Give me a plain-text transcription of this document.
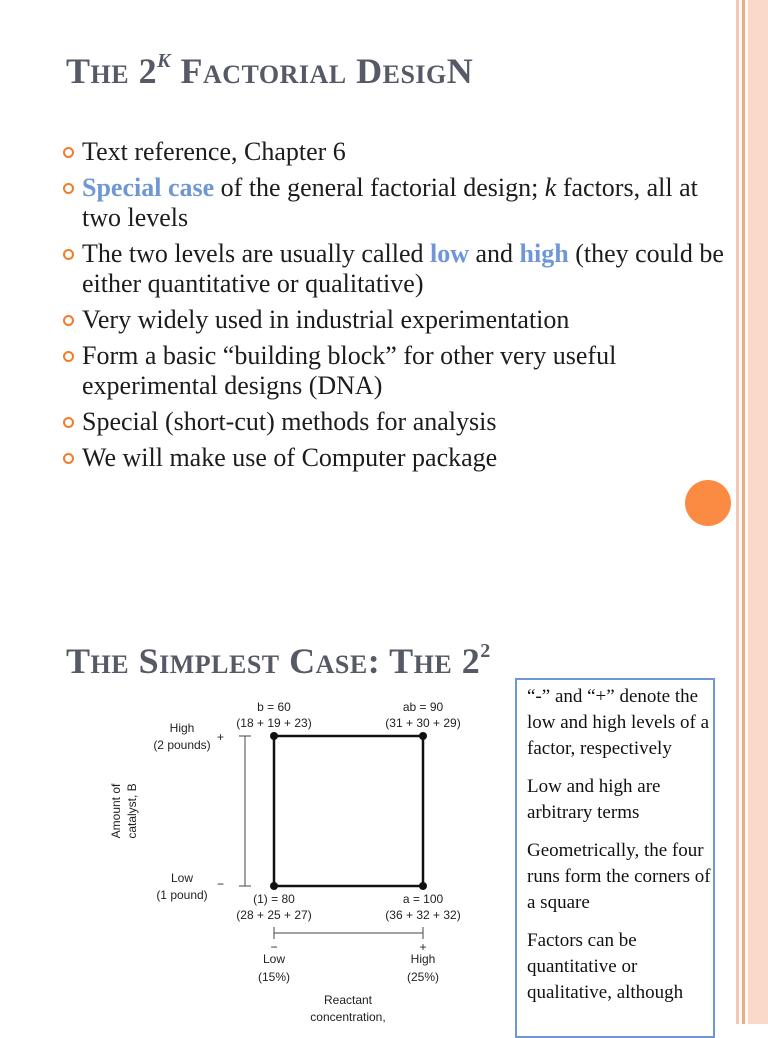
THE $2^K$ FACTORIAL DESIGN
Text reference, Chapter 6
Special case of the general factorial design; k factors, all at two levels
The two levels are usually called low and high (they could be either quantitative or qualitative)
Very widely used in industrial experimentation
Form a basic “building block” for other very useful experimental designs (DNA)
Special (short-cut) methods for analysis
We will make use of Computer package
THE SIMPLEST CASE: THE $2^2$
b = 60
(18 + 19 + 23)
ab = 90
(31 + 30 + 29)
(1) = 80
(28 + 25 + 27)
a = 100
(36 + 32 + 32)
High
(2 pounds)
+
Low
(1 pound)
−
Amount of catalyst, B
−	+
Low
(15%)
High
(25%)
Reactant
concentration,

“-” and “+” denote the low and high levels of a factor, respectively

Low and high are arbitrary terms

Geometrically, the four runs form the corners of a square

Factors can be quantitative or qualitative, although
